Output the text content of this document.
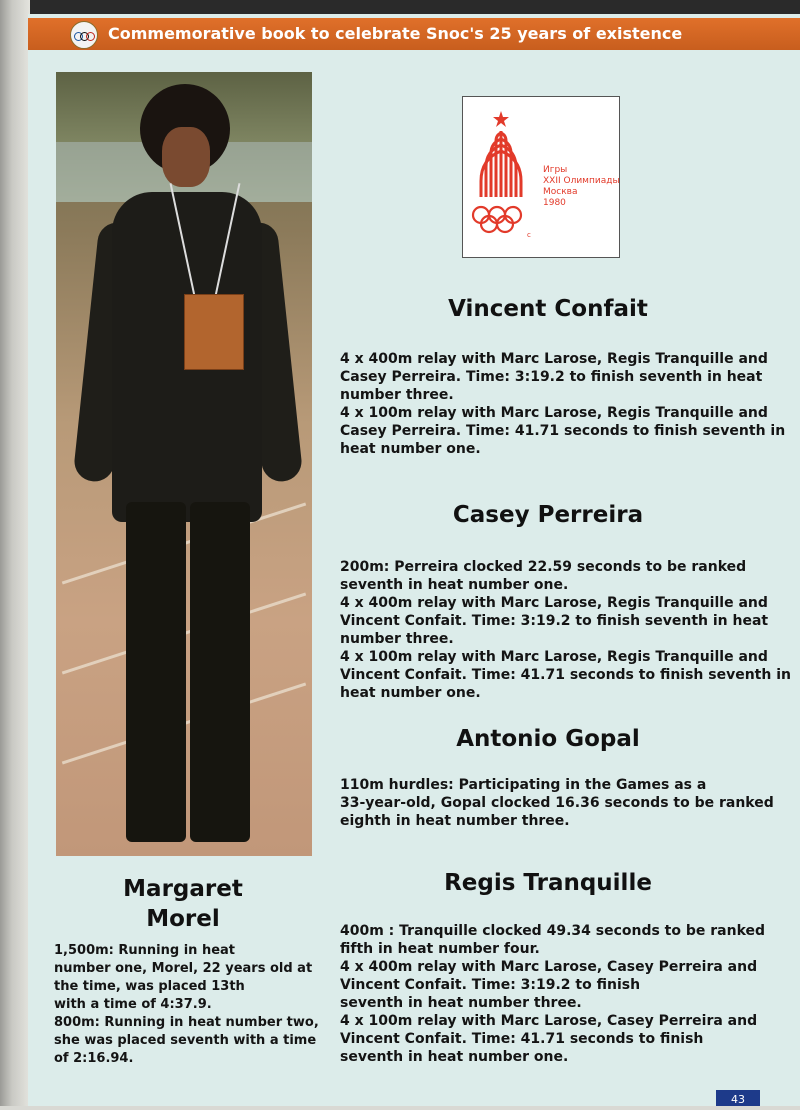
Commemorative book to celebrate Snoc's 25 years of existence
Игры
XXII Олимпиады
Москва
1980
c
Vincent Confait
4 x 400m relay with Marc Larose, Regis Tranquille and
Casey Perreira. Time: 3:19.2 to finish seventh in heat
number three.
4 x 100m relay with Marc Larose, Regis Tranquille and
Casey Perreira. Time: 41.71 seconds to finish seventh in
heat number one.
Casey Perreira
200m: Perreira clocked 22.59 seconds to be ranked
seventh in heat number one.
4 x 400m relay with Marc Larose, Regis Tranquille and
Vincent Confait. Time: 3:19.2 to finish seventh in heat
number three.
4 x 100m relay with Marc Larose, Regis Tranquille and
Vincent Confait. Time: 41.71 seconds to finish seventh in
heat number one.
Antonio Gopal
110m hurdles: Participating in the Games as a
33-year-old, Gopal clocked 16.36 seconds to be ranked
eighth in heat number three.
Regis Tranquille
400m : Tranquille clocked 49.34 seconds to be ranked
fifth in heat number four.
4 x 400m relay with Marc Larose, Casey Perreira and
Vincent Confait. Time: 3:19.2 to finish
seventh in heat number three.
4 x 100m relay with Marc Larose, Casey Perreira and
Vincent Confait. Time: 41.71 seconds to finish
seventh in heat number one.
Margaret
Morel
1,500m: Running in heat
number one, Morel, 22 years old at
the time, was placed 13th
with a time of 4:37.9.
800m: Running in heat number two,
she was placed seventh with a time
of 2:16.94.
43
